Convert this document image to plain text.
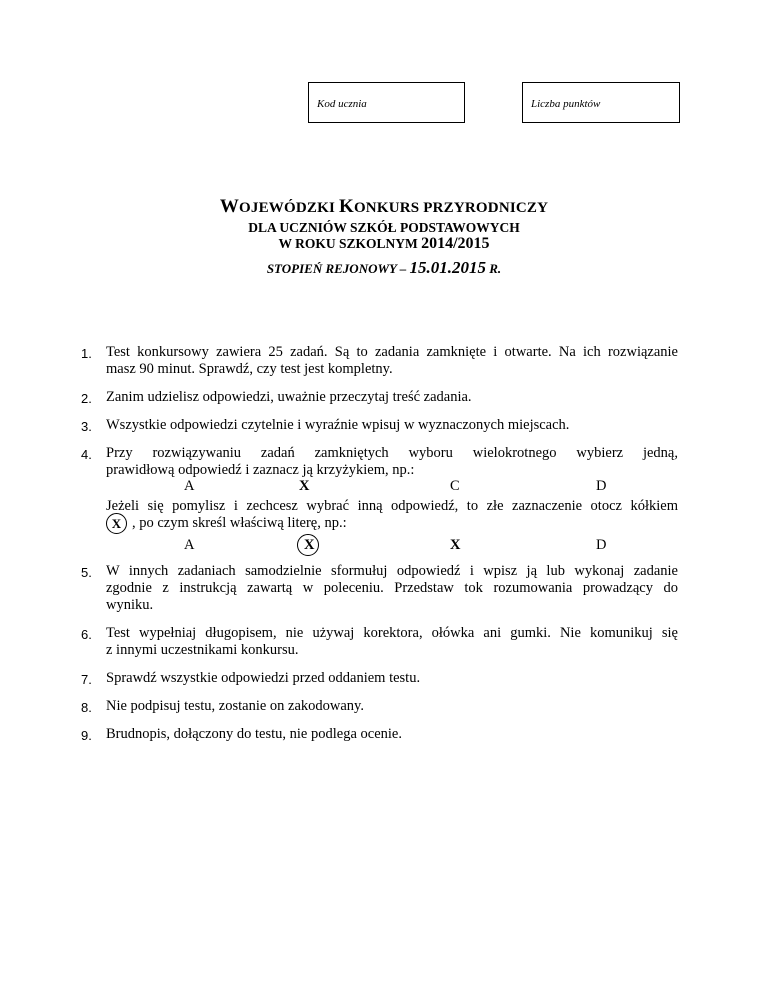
Kod ucznia	Liczba punktów
WOJEWÓDZKI KONKURS PRZYRODNICZY
DLA UCZNIÓW SZKÓŁ PODSTAWOWYCH
W ROKU SZKOLNYM 2014/2015
STOPIEŃ REJONOWY – 15.01.2015 R.
1. Test konkursowy zawiera 25 zadań. Są to zadania zamknięte i otwarte. Na ich rozwiązanie
masz 90 minut. Sprawdź, czy test jest kompletny.
2. Zanim udzielisz odpowiedzi, uważnie przeczytaj treść zadania.
3. Wszystkie odpowiedzi czytelnie i wyraźnie wpisuj w wyznaczonych miejscach.
4. Przy rozwiązywaniu zadań zamkniętych wyboru wielokrotnego wybierz jedną,
prawidłową odpowiedź i zaznacz ją krzyżykiem, np.:
A	X	C	D
Jeżeli się pomylisz i zechcesz wybrać inną odpowiedź, to złe zaznaczenie otocz kółkiem
, po czym skreśl właściwą literę, np.:
X
A	X	X	D
5. W innych zadaniach samodzielnie sformułuj odpowiedź i wpisz ją lub wykonaj zadanie
zgodnie z instrukcją zawartą w poleceniu. Przedstaw tok rozumowania prowadzący do
wyniku.
6. Test wypełniaj długopisem, nie używaj korektora, ołówka ani gumki. Nie komunikuj się
z innymi uczestnikami konkursu.
7. Sprawdź wszystkie odpowiedzi przed oddaniem testu.
8. Nie podpisuj testu, zostanie on zakodowany.
9. Brudnopis, dołączony do testu, nie podlega ocenie.
